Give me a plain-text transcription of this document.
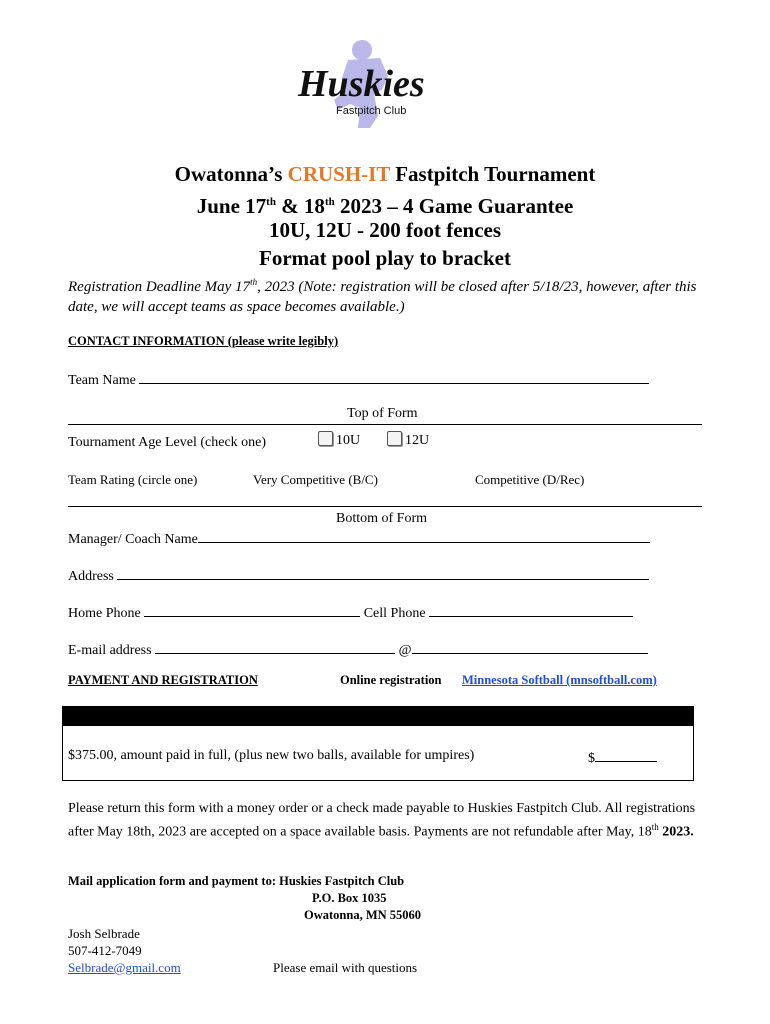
Huskies
Fastpitch Club
Owatonna’s CRUSH-IT Fastpitch Tournament
June 17th & 18th 2023 – 4 Game Guarantee
10U, 12U - 200 foot fences
Format pool play to bracket
Registration Deadline May 17th, 2023 (Note: registration will be closed after 5/18/23, however, after this date, we will accept teams as space becomes available.)
CONTACT INFORMATION (please write legibly)
Team Name
Top of Form
Tournament Age Level (check one)	10U	12U
Team Rating (circle one)	Very Competitive (B/C)	Competitive (D/Rec)
Bottom of Form
Manager/ Coach Name
Address
Home Phone	Cell Phone
E-mail address	@
PAYMENT AND REGISTRATION	Online registration Minnesota Softball (mnsoftball.com)
$375.00, amount paid in full, (plus new two balls, available for umpires)	$
Please return this form with a money order or a check made payable to Huskies Fastpitch Club. All registrations after May 18th, 2023 are accepted on a space available basis. Payments are not refundable after May, 18th 2023.
Mail application form and payment to: Huskies Fastpitch Club
P.O. Box 1035
Owatonna, MN 55060
Josh Selbrade
507-412-7049
Selbrade@gmail.com	Please email with questions
